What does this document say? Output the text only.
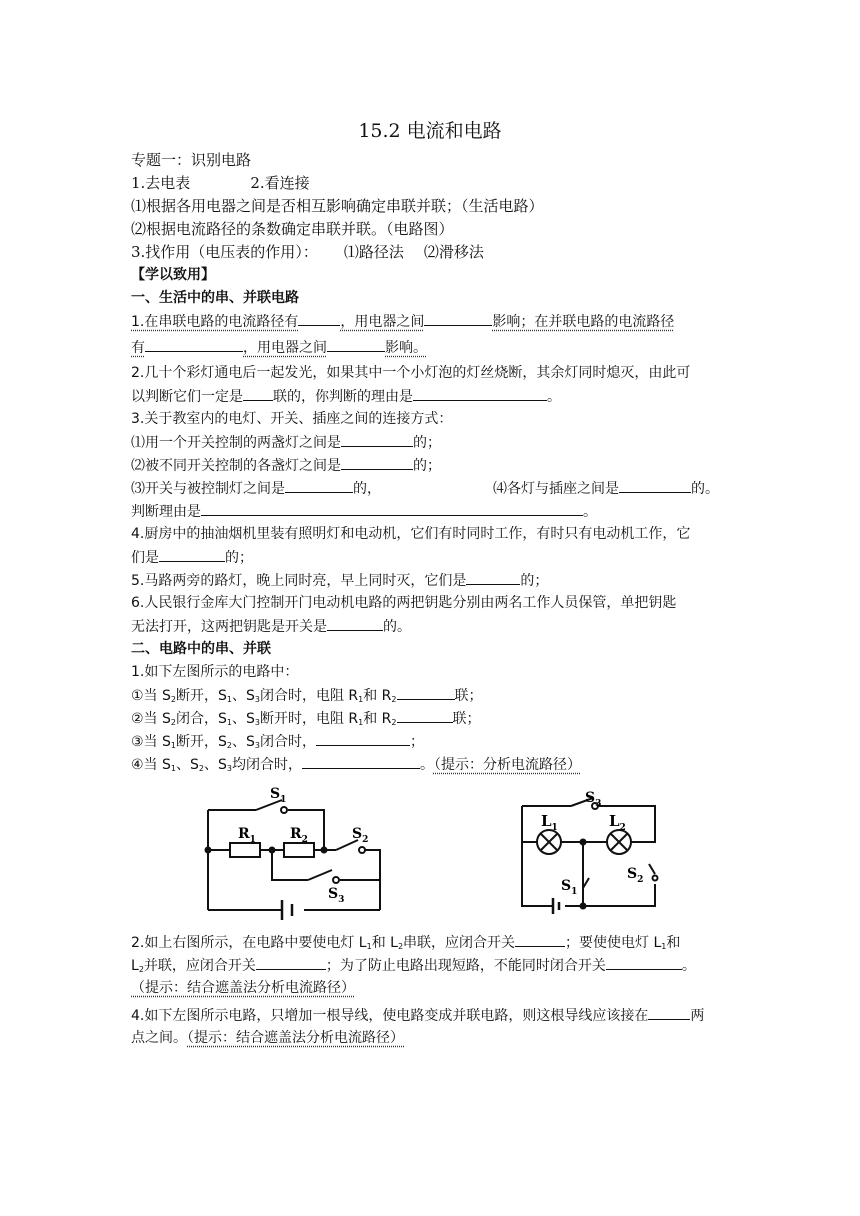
15.2 电流和电路
专题一：识别电路
1.去电表	2.看连接
⑴根据各用电器之间是否相互影响确定串联并联；（生活电路）
⑵根据电流路径的条数确定串联并联。（电路图）
3.找作用（电压表的作用）： ⑴路径法 ⑵滑移法
【学以致用】
一、生活中的串、并联电路
1.在串联电路的电流路径有	，用电器之间	影响；在并联电路的电流路径
有	，用电器之间	影响。
2.几十个彩灯通电后一起发光，如果其中一个小灯泡的灯丝烧断，其余灯同时熄灭，由此可
以判断它们一定是 联的，你判断的理由是	。
3.关于教室内的电灯、开关、插座之间的连接方式：
⑴用一个开关控制的两盏灯之间是	的；
⑵被不同开关控制的各盏灯之间是	的；
⑶开关与被控制灯之间是	的，	⑷各灯与插座之间是	的。
判断理由是	。
4.厨房中的抽油烟机里装有照明灯和电动机，它们有时同时工作，有时只有电动机工作，它
们是	的；
5.马路两旁的路灯，晚上同时亮，早上同时灭，它们是	的；
6.人民银行金库大门控制开门电动机电路的两把钥匙分别由两名工作人员保管，单把钥匙
无法打开，这两把钥匙是开关是	的。
二、电路中的串、并联
1.如下左图所示的电路中：
①当 $S_2$断开，$S_1$、$S_3$闭合时，电阻 $R_1$和 $R_2$	联；
②当 $S_2$闭合，$S_1$、$S_3$断开时，电阻 $R_1$和 $R_2$	联；
③当 $S_1$断开，$S_2$、$S_3$闭合时，	；
④当 $S_1$、$S_2$、$S_3$均闭合时，	。（提示：分析电流路径）
$S_1$
$R_1$ $R_2$	$S_2$
$S_3$
$S_3$
$L_1$	$L_2$
$S_1$
$S_2$
2.如上右图所示，在电路中要使电灯 $L_1$和 $L_2$串联，应闭合开关	；要使使电灯 $L_1$和
$L_2$并联，应闭合开关	；为了防止电路出现短路，不能同时闭合开关	。
（提示：结合遮盖法分析电流路径）
4.如下左图所示电路，只增加一根导线，使电路变成并联电路，则这根导线应该接在	两
点之间。（提示：结合遮盖法分析电流路径）
